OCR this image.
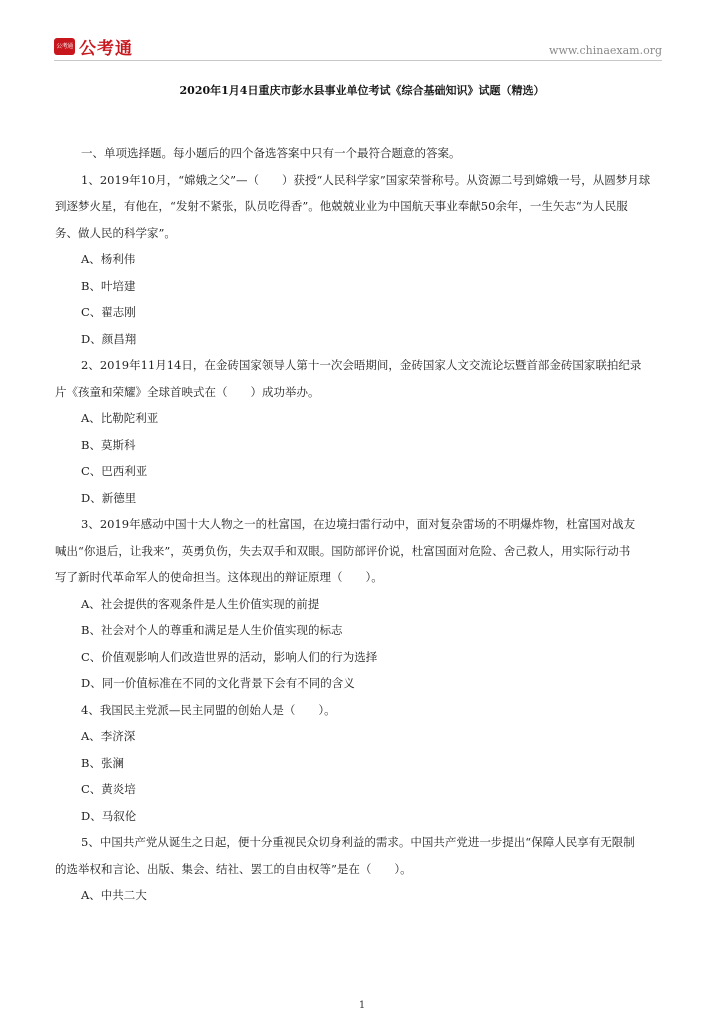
公考通 公考通	www.chinaexam.org
2020年1月4日重庆市彭水县事业单位考试《综合基础知识》试题（精选）

一、单项选择题。每小题后的四个备选答案中只有一个最符合题意的答案。

1、2019年10月，“嫦娥之父”—（　　）获授“人民科学家”国家荣誉称号。从资源二号到嫦娥一号，从圆梦月球

到逐梦火星，有他在，“发射不紧张，队员吃得香”。他兢兢业业为中国航天事业奉献50余年，一生矢志“为人民服

务、做人民的科学家”。

A、杨利伟

B、叶培建

C、翟志刚

D、颜昌翔

2、2019年11月14日，在金砖国家领导人第十一次会晤期间，金砖国家人文交流论坛暨首部金砖国家联拍纪录

片《孩童和荣耀》全球首映式在（　　）成功举办。

A、比勒陀利亚

B、莫斯科

C、巴西利亚

D、新德里

3、2019年感动中国十大人物之一的杜富国，在边境扫雷行动中，面对复杂雷场的不明爆炸物，杜富国对战友

喊出“你退后，让我来”，英勇负伤，失去双手和双眼。国防部评价说，杜富国面对危险、舍己救人，用实际行动书

写了新时代革命军人的使命担当。这体现出的辩证原理（　　）。

A、社会提供的客观条件是人生价值实现的前提

B、社会对个人的尊重和满足是人生价值实现的标志

C、价值观影响人们改造世界的活动，影响人们的行为选择

D、同一价值标准在不同的文化背景下会有不同的含义

4、我国民主党派—民主同盟的创始人是（　　）。

A、李济深

B、张澜

C、黄炎培

D、马叙伦

5、中国共产党从诞生之日起，便十分重视民众切身利益的需求。中国共产党进一步提出“保障人民享有无限制

的选举权和言论、出版、集会、结社、罢工的自由权等”是在（　　）。

A、中共二大

1
